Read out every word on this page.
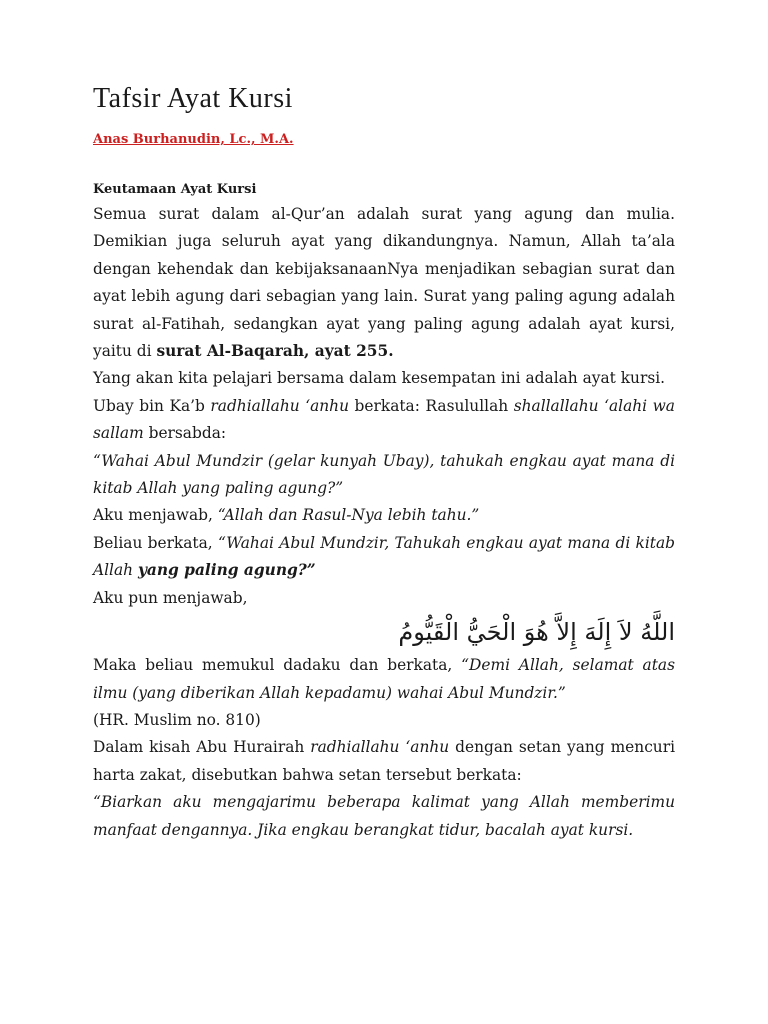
Tafsir Ayat Kursi

Anas Burhanudin, Lc., M.A.

Keutamaan Ayat Kursi

Semua surat dalam al-Qur’an adalah surat yang agung dan mulia. Demikian juga seluruh ayat yang dikandungnya. Namun, Allah ta’ala dengan kehendak dan kebijaksanaanNya menjadikan sebagian surat dan ayat lebih agung dari sebagian yang lain. Surat yang paling agung adalah surat al-Fatihah, sedangkan ayat yang paling agung adalah ayat kursi, yaitu di surat Al-Baqarah, ayat 255.

Yang akan kita pelajari bersama dalam kesempatan ini adalah ayat kursi.

Ubay bin Ka’b radhiallahu ‘anhu berkata: Rasulullah shallallahu ‘alahi wa sallam bersabda:

“Wahai Abul Mundzir (gelar kunyah Ubay), tahukah engkau ayat mana di kitab Allah yang paling agung?”

Aku menjawab, “Allah dan Rasul-Nya lebih tahu.”

Beliau berkata, “Wahai Abul Mundzir, Tahukah engkau ayat mana di kitab Allah yang paling agung?”

Aku pun menjawab,

اللَّهُ لاَ إِلَهَ إِلاَّ هُوَ الْحَيُّ الْقَيُّومُ

Maka beliau memukul dadaku dan berkata, “Demi Allah, selamat atas ilmu (yang diberikan Allah kepadamu) wahai Abul Mundzir.”

(HR. Muslim no. 810)

Dalam kisah Abu Hurairah radhiallahu ‘anhu dengan setan yang mencuri harta zakat, disebutkan bahwa setan tersebut berkata:

“Biarkan aku mengajarimu beberapa kalimat yang Allah memberimu manfaat dengannya. Jika engkau berangkat tidur, bacalah ayat kursi.
